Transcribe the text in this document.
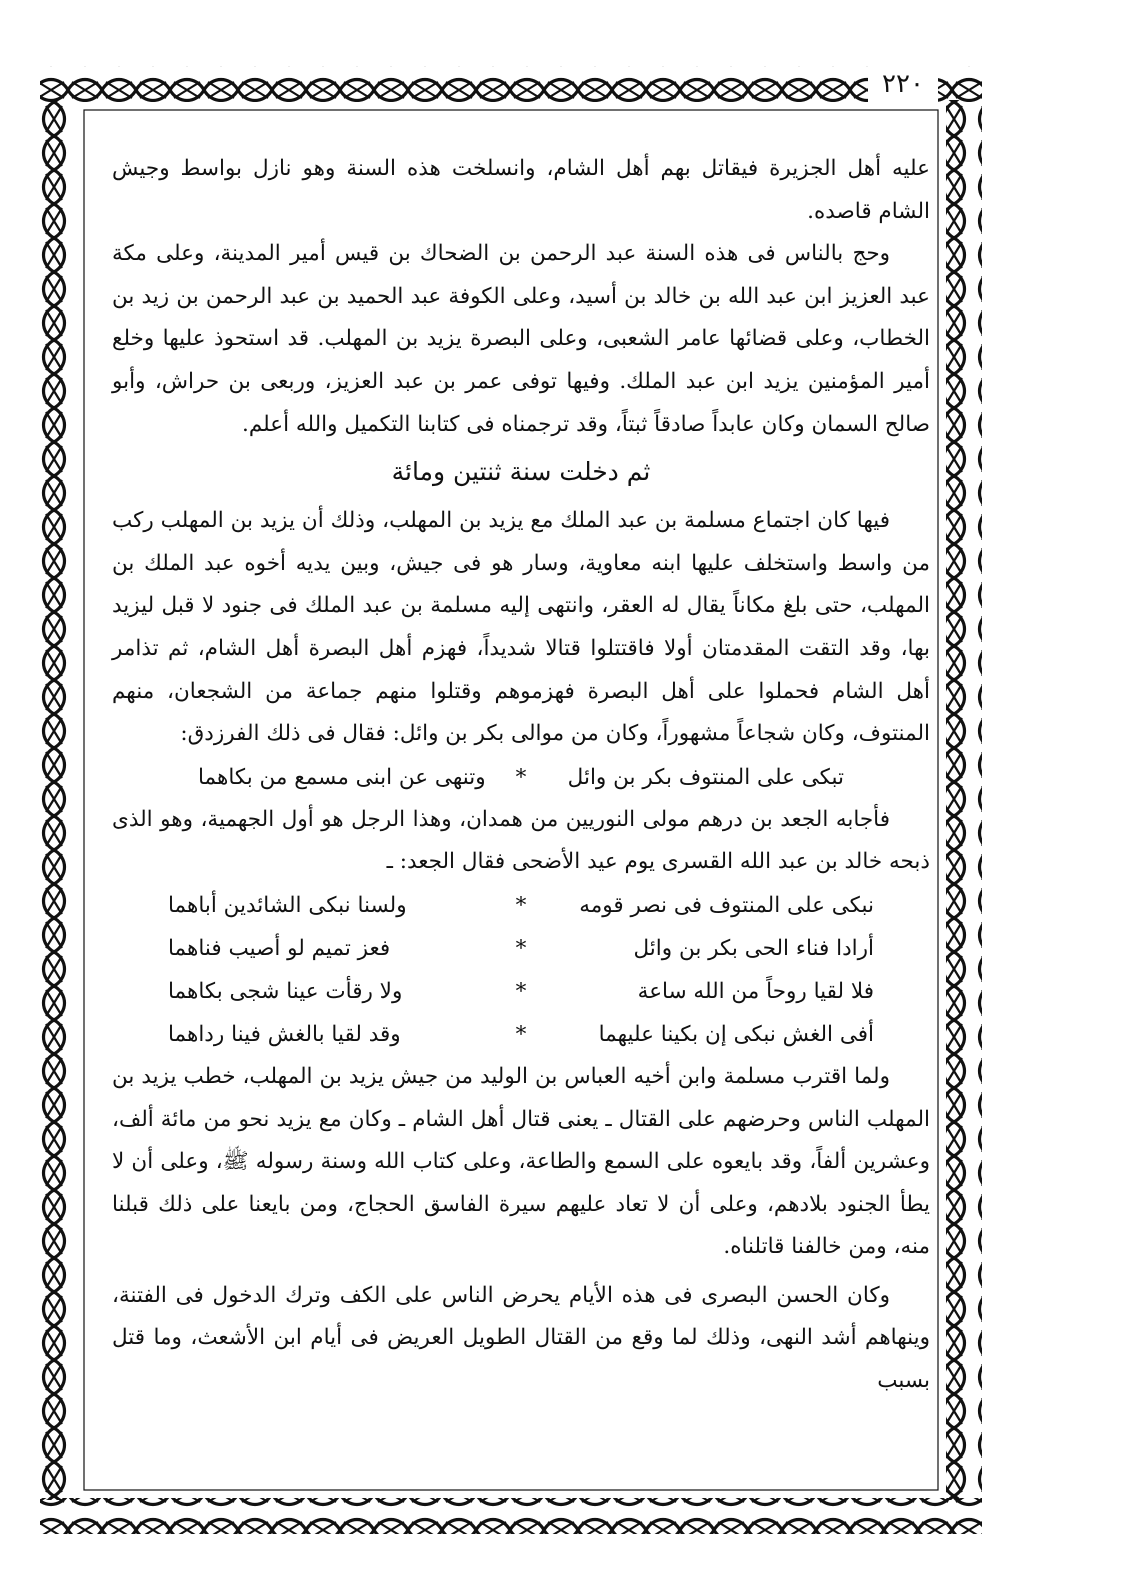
٢٢٠

عليه أهل الجزيرة فيقاتل بهم أهل الشام، وانسلخت هذه السنة وهو نازل بواسط وجيش الشام قاصده.

وحج بالناس فى هذه السنة عبد الرحمن بن الضحاك بن قيس أمير المدينة، وعلى مكة عبد العزيز ابن عبد الله بن خالد بن أسيد، وعلى الكوفة عبد الحميد بن عبد الرحمن بن زيد بن الخطاب، وعلى قضائها عامر الشعبى، وعلى البصرة يزيد بن المهلب. قد استحوذ عليها وخلع أمير المؤمنين يزيد ابن عبد الملك. وفيها توفى عمر بن عبد العزيز، وربعى بن حراش، وأبو صالح السمان وكان عابداً صادقاً ثبتاً، وقد ترجمناه فى كتابنا التكميل والله أعلم.

ثم دخلت سنة ثنتين ومائة

فيها كان اجتماع مسلمة بن عبد الملك مع يزيد بن المهلب، وذلك أن يزيد بن المهلب ركب من واسط واستخلف عليها ابنه معاوية، وسار هو فى جيش، وبين يديه أخوه عبد الملك بن المهلب، حتى بلغ مكاناً يقال له العقر، وانتهى إليه مسلمة بن عبد الملك فى جنود لا قبل ليزيد بها، وقد التقت المقدمتان أولا فاقتتلوا قتالا شديداً، فهزم أهل البصرة أهل الشام، ثم تذامر أهل الشام فحملوا على أهل البصرة فهزموهم وقتلوا منهم جماعة من الشجعان، منهم المنتوف، وكان شجاعاً مشهوراً، وكان من موالى بكر بن وائل: فقال فى ذلك الفرزدق:

تبكى على المنتوف بكر بن وائل
*
وتنهى عن ابنى مسمع من بكاهما

فأجابه الجعد بن درهم مولى النوريين من همدان، وهذا الرجل هو أول الجهمية، وهو الذى ذبحه خالد بن عبد الله القسرى يوم عيد الأضحى فقال الجعد: ـ

نبكى على المنتوف فى نصر قومه
*
ولسنا نبكى الشائدين أباهما
أرادا فناء الحى بكر بن وائل
*
فعز تميم لو أصيب فناهما
فلا لقيا روحاً من الله ساعة
*
ولا رقأت عينا شجى بكاهما
أفى الغش نبكى إن بكينا عليهما
*
وقد لقيا بالغش فينا رداهما

ولما اقترب مسلمة وابن أخيه العباس بن الوليد من جيش يزيد بن المهلب، خطب يزيد بن المهلب الناس وحرضهم على القتال ـ يعنى قتال أهل الشام ـ وكان مع يزيد نحو من مائة ألف، وعشرين ألفاً، وقد بايعوه على السمع والطاعة، وعلى كتاب الله وسنة رسوله ﷺ، وعلى أن لا يطأ الجنود بلادهم، وعلى أن لا تعاد عليهم سيرة الفاسق الحجاج، ومن بايعنا على ذلك قبلنا منه، ومن خالفنا قاتلناه.

وكان الحسن البصرى فى هذه الأيام يحرض الناس على الكف وترك الدخول فى الفتنة، وينهاهم أشد النهى، وذلك لما وقع من القتال الطويل العريض فى أيام ابن الأشعث، وما قتل بسبب
